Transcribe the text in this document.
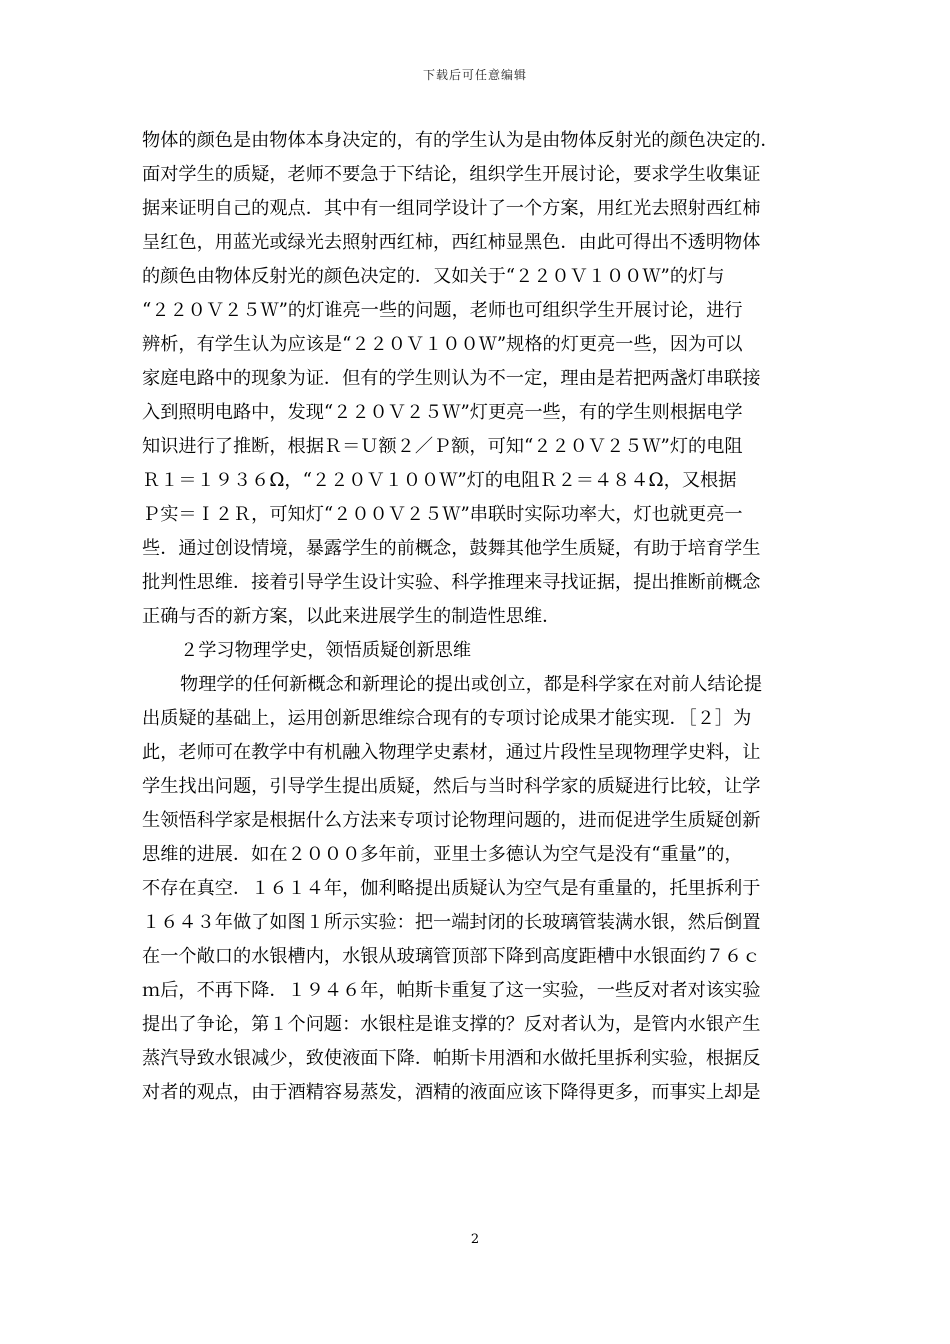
下载后可任意编辑
物体的颜色是由物体本身决定的，有的学生认为是由物体反射光的颜色决定的．
面对学生的质疑，老师不要急于下结论，组织学生开展讨论，要求学生收集证
据来证明自己的观点．其中有一组同学设计了一个方案，用红光去照射西红柿
呈红色，用蓝光或绿光去照射西红柿，西红柿显黑色．由此可得出不透明物体
的颜色由物体反射光的颜色决定的．又如关于“２２０Ｖ１００Ｗ”的灯与
“２２０Ｖ２５Ｗ”的灯谁亮一些的问题，老师也可组织学生开展讨论，进行
辨析，有学生认为应该是“２２０Ｖ１００Ｗ”规格的灯更亮一些，因为可以
家庭电路中的现象为证．但有的学生则认为不一定，理由是若把两盏灯串联接
入到照明电路中，发现“２２０Ｖ２５Ｗ”灯更亮一些，有的学生则根据电学
知识进行了推断，根据Ｒ＝Ｕ额２／Ｐ额，可知“２２０Ｖ２５Ｗ”灯的电阻
Ｒ１＝１９３６Ω，“２２０Ｖ１００Ｗ”灯的电阻Ｒ２＝４８４Ω，又根据
Ｐ实＝Ｉ２Ｒ，可知灯“２００Ｖ２５Ｗ”串联时实际功率大，灯也就更亮一
些．通过创设情境，暴露学生的前概念，鼓舞其他学生质疑，有助于培育学生
批判性思维．接着引导学生设计实验、科学推理来寻找证据，提出推断前概念
正确与否的新方案，以此来进展学生的制造性思维．
２学习物理学史，领悟质疑创新思维
物理学的任何新概念和新理论的提出或创立，都是科学家在对前人结论提
出质疑的基础上，运用创新思维综合现有的专项讨论成果才能实现．［２］为
此，老师可在教学中有机融入物理学史素材，通过片段性呈现物理学史料，让
学生找出问题，引导学生提出质疑，然后与当时科学家的质疑进行比较，让学
生领悟科学家是根据什么方法来专项讨论物理问题的，进而促进学生质疑创新
思维的进展．如在２０００多年前，亚里士多德认为空气是没有“重量”的，
不存在真空．１６１４年，伽利略提出质疑认为空气是有重量的，托里拆利于
１６４３年做了如图１所示实验：把一端封闭的长玻璃管装满水银，然后倒置
在一个敞口的水银槽内，水银从玻璃管顶部下降到高度距槽中水银面约７６ｃ
ｍ后，不再下降．１９４６年，帕斯卡重复了这一实验，一些反对者对该实验
提出了争论，第１个问题：水银柱是谁支撑的？反对者认为，是管内水银产生
蒸汽导致水银减少，致使液面下降．帕斯卡用酒和水做托里拆利实验，根据反
对者的观点，由于酒精容易蒸发，酒精的液面应该下降得更多，而事实上却是
2
